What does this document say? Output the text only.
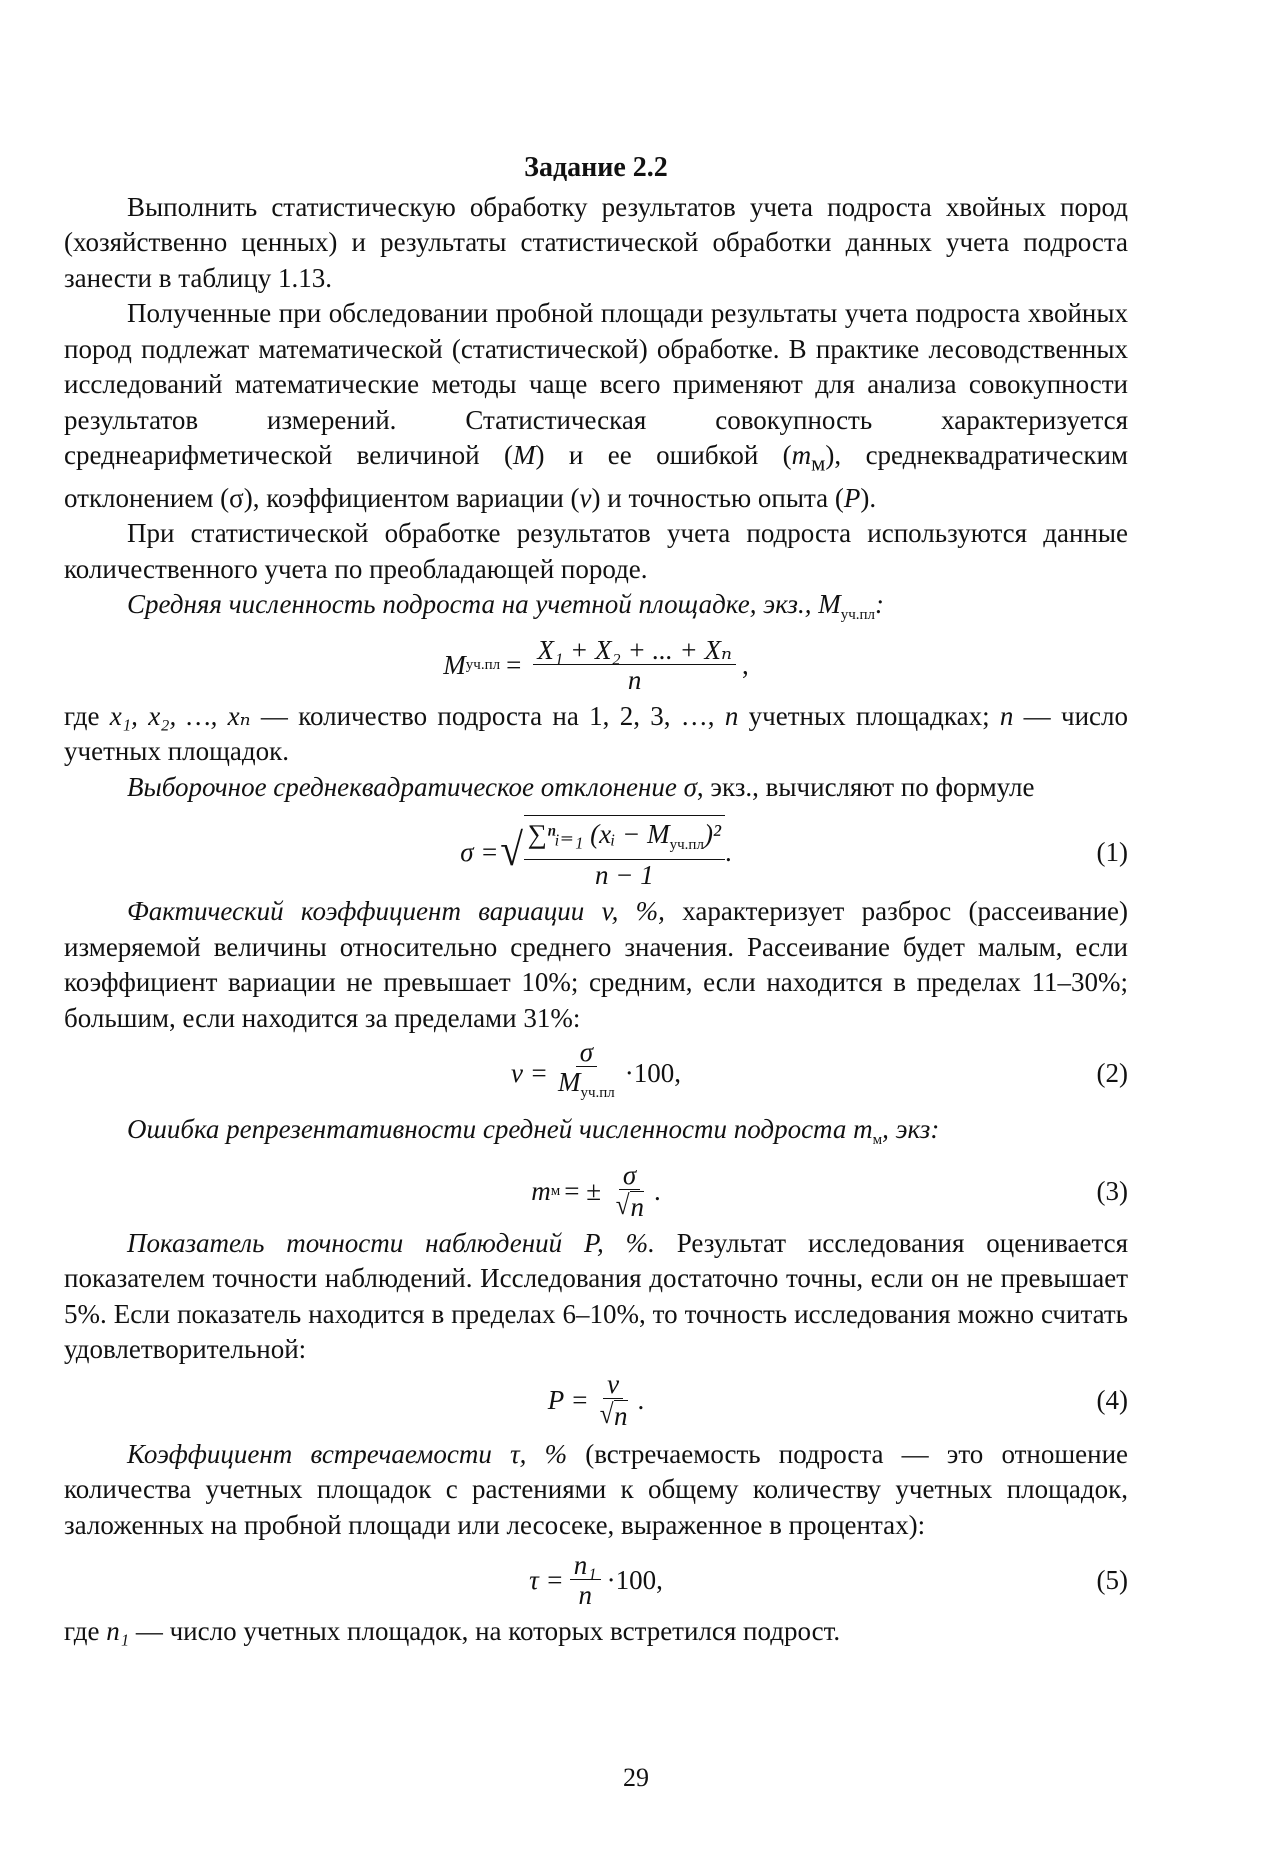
Задание 2.2

Выполнить статистическую обработку результатов учета подроста хвойных пород (хозяйственно ценных) и результаты статистической обработки данных учета подроста занести в таблицу 1.13.

Полученные при обследовании пробной площади результаты учета подроста хвойных пород подлежат математической (статистической) обработке. В практике лесоводственных исследований математические методы чаще всего применяют для анализа совокупности результатов измерений. Статистическая совокупность характеризуется среднеарифметической величиной (M) и ее ошибкой $(m_м)$, среднеквадратическим отклонением (σ), коэффициентом вариации (v) и точностью опыта (P).

При статистической обработке результатов учета подроста используются данные количественного учета по преобладающей породе.

Средняя численность подроста на учетной площадке, экз., $M_{уч.пл}$:

M $уч.пл = \frac{\text{X₁ + X₂ + ... + Xₙ}}{n}$ ,

где x₁, x₂, …, xₙ — количество подроста на 1, 2, 3, …, n учетных площадках; n — число учетных площадок.

Выборочное среднеквадратическое отклонение σ, экз., вычисляют по формуле

σ = √ $\frac{\sum^nᵢ_{=1} (xᵢ - M_{уч.пл})^2}{n - 1}$ .	(1)

Фактический коэффициент вариации v, %, характеризует разброс (рассеивание) измеряемой величины относительно среднего значения. Рассеивание будет малым, если коэффициент вариации не превышает 10%; средним, если находится в пределах 11–30%; большим, если находится за пределами 31%:

$v = \frac{\sigma}{M_{уч.пл}} \cdot 100$,	(2)

Ошибка репрезентативности средней численности подроста $m_м$, экз:

m м = ± $\frac{\sigma}{√ n}$ .	(3)

Показатель точности наблюдений P, %. Результат исследования оценивается показателем точности наблюдений. Исследования достаточно точны, если он не превышает 5%. Если показатель находится в пределах 6–10%, то точность исследования можно считать удовлетворительной:

$P = \frac{v}{√ n}$ .	(4)

Коэффициент встречаемости τ, % (встречаемость подроста — это отношение количества учетных площадок с растениями к общему количеству учетных площадок, заложенных на пробной площади или лесосеке, выраженное в процентах):

$\tau = \frac{\text{n₁}}{n} \cdot 100$,	(5)

где n₁ — число учетных площадок, на которых встретился подрост.

29
